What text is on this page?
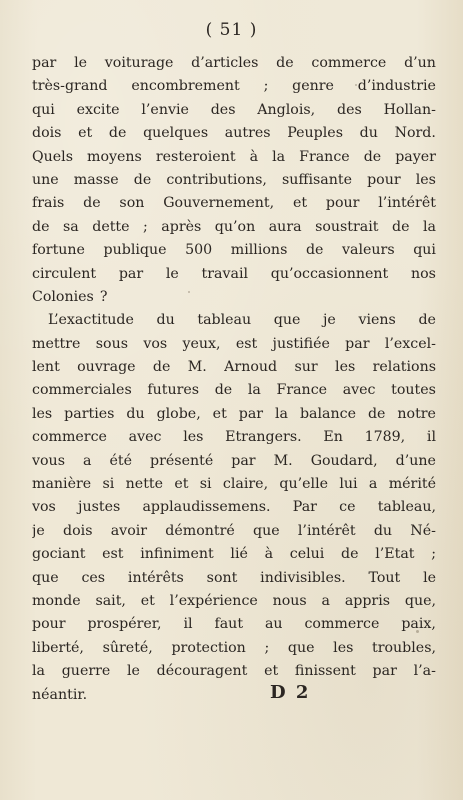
( 51 )
par le voiturage d’articles de commerce d’un
très-grand encombrement ; genre d’industrie
qui excite l’envie des Anglois, des Hollan-
dois et de quelques autres Peuples du Nord.
Quels moyens resteroient à la France de payer
une masse de contributions, suffisante pour les
frais de son Gouvernement, et pour l’intérêt
de sa dette ; après qu’on aura soustrait de la
fortune publique 500 millions de valeurs qui
circulent par le travail qu’occasionnent nos
Colonies ?
L’exactitude du tableau que je viens de
mettre sous vos yeux, est justifiée par l’excel-
lent ouvrage de M. Arnoud sur les relations
commerciales futures de la France avec toutes
les parties du globe, et par la balance de notre
commerce avec les Etrangers. En 1789, il
vous a été présenté par M. Goudard, d’une
manière si nette et si claire, qu’elle lui a mérité
vos justes applaudissemens. Par ce tableau,
je dois avoir démontré que l’intérêt du Né-
gociant est infiniment lié à celui de l’Etat ;
que ces intérêts sont indivisibles. Tout le
monde sait, et l’expérience nous a appris que,
pour prospérer, il faut au commerce paix,
liberté, sûreté, protection ; que les troubles,
la guerre le découragent et finissent par l’a-
néantir.	D 2
